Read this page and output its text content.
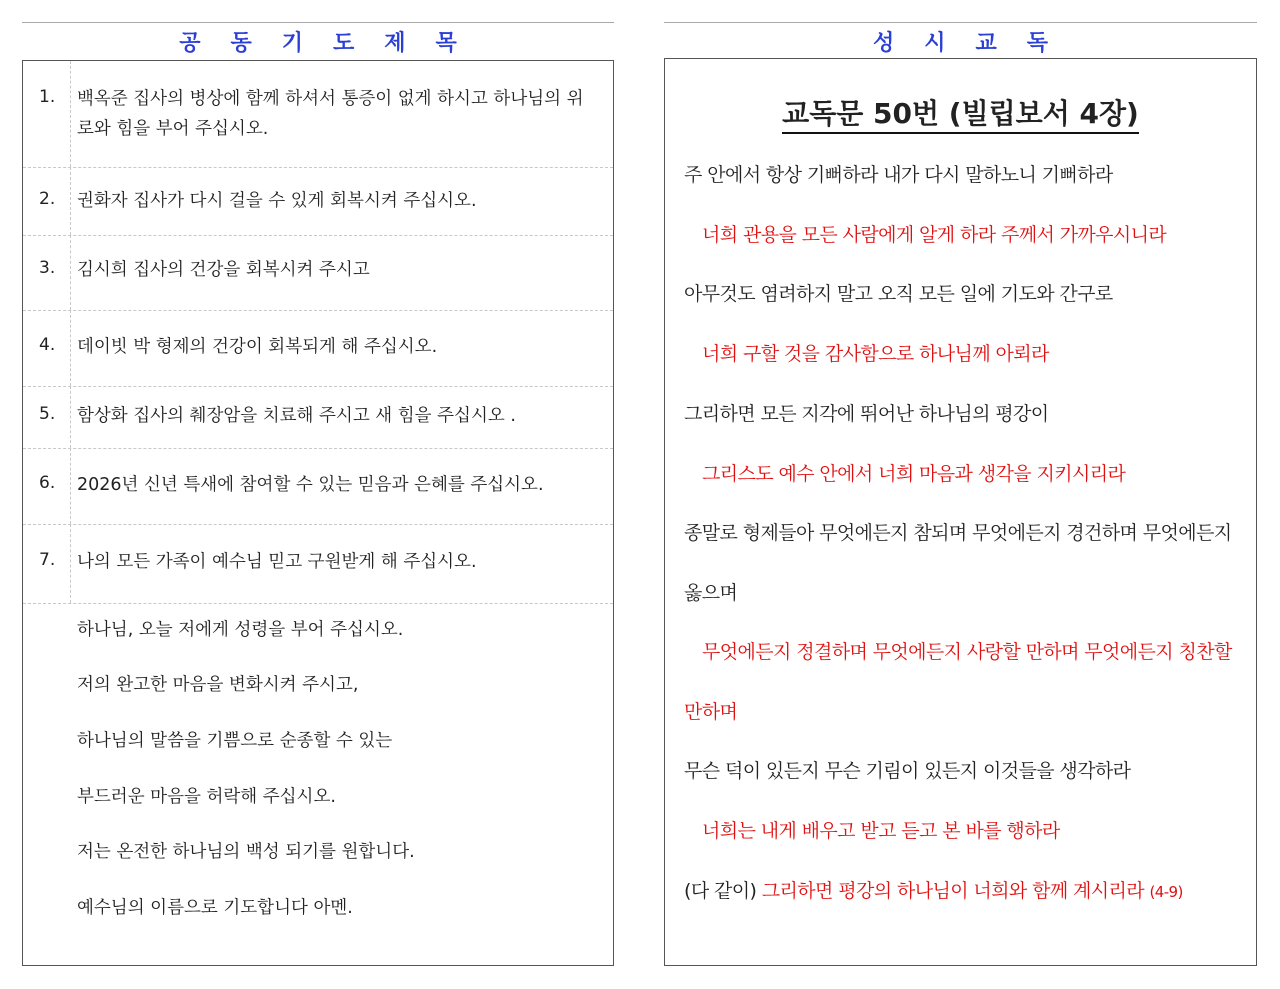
공동기도제목
1. 백옥준 집사의 병상에 함께 하셔서 통증이 없게 하시고 하나님의 위로와 힘을 부어 주십시오.
2. 권화자 집사가 다시 걸을 수 있게 회복시켜 주십시오.
3. 김시희 집사의 건강을 회복시켜 주시고
4. 데이빗 박 형제의 건강이 회복되게 해 주십시오.
5. 함상화 집사의 췌장암을 치료해 주시고 새 힘을 주십시오 .
6. 2026년 신년 특새에 참여할 수 있는 믿음과 은혜를 주십시오.
7. 나의 모든 가족이 예수님 믿고 구원받게 해 주십시오.
하나님, 오늘 저에게 성령을 부어 주십시오.
저의 완고한 마음을 변화시켜 주시고,
하나님의 말씀을 기쁨으로 순종할 수 있는
부드러운 마음을 허락해 주십시오.
저는 온전한 하나님의 백성 되기를 원합니다.
예수님의 이름으로 기도합니다 아멘.
성시교독
교독문 50번 (빌립보서 4장)
주 안에서 항상 기뻐하라 내가 다시 말하노니 기뻐하라
너희 관용을 모든 사람에게 알게 하라 주께서 가까우시니라
아무것도 염려하지 말고 오직 모든 일에 기도와 간구로
너희 구할 것을 감사함으로 하나님께 아뢰라
그리하면 모든 지각에 뛰어난 하나님의 평강이
그리스도 예수 안에서 너희 마음과 생각을 지키시리라
종말로 형제들아 무엇에든지 참되며 무엇에든지 경건하며 무엇에든지
옳으며
무엇에든지 정결하며 무엇에든지 사랑할 만하며 무엇에든지 칭찬할
만하며
무슨 덕이 있든지 무슨 기림이 있든지 이것들을 생각하라
너희는 내게 배우고 받고 듣고 본 바를 행하라
(다 같이) 그리하면 평강의 하나님이 너희와 함께 계시리라 (4-9)
